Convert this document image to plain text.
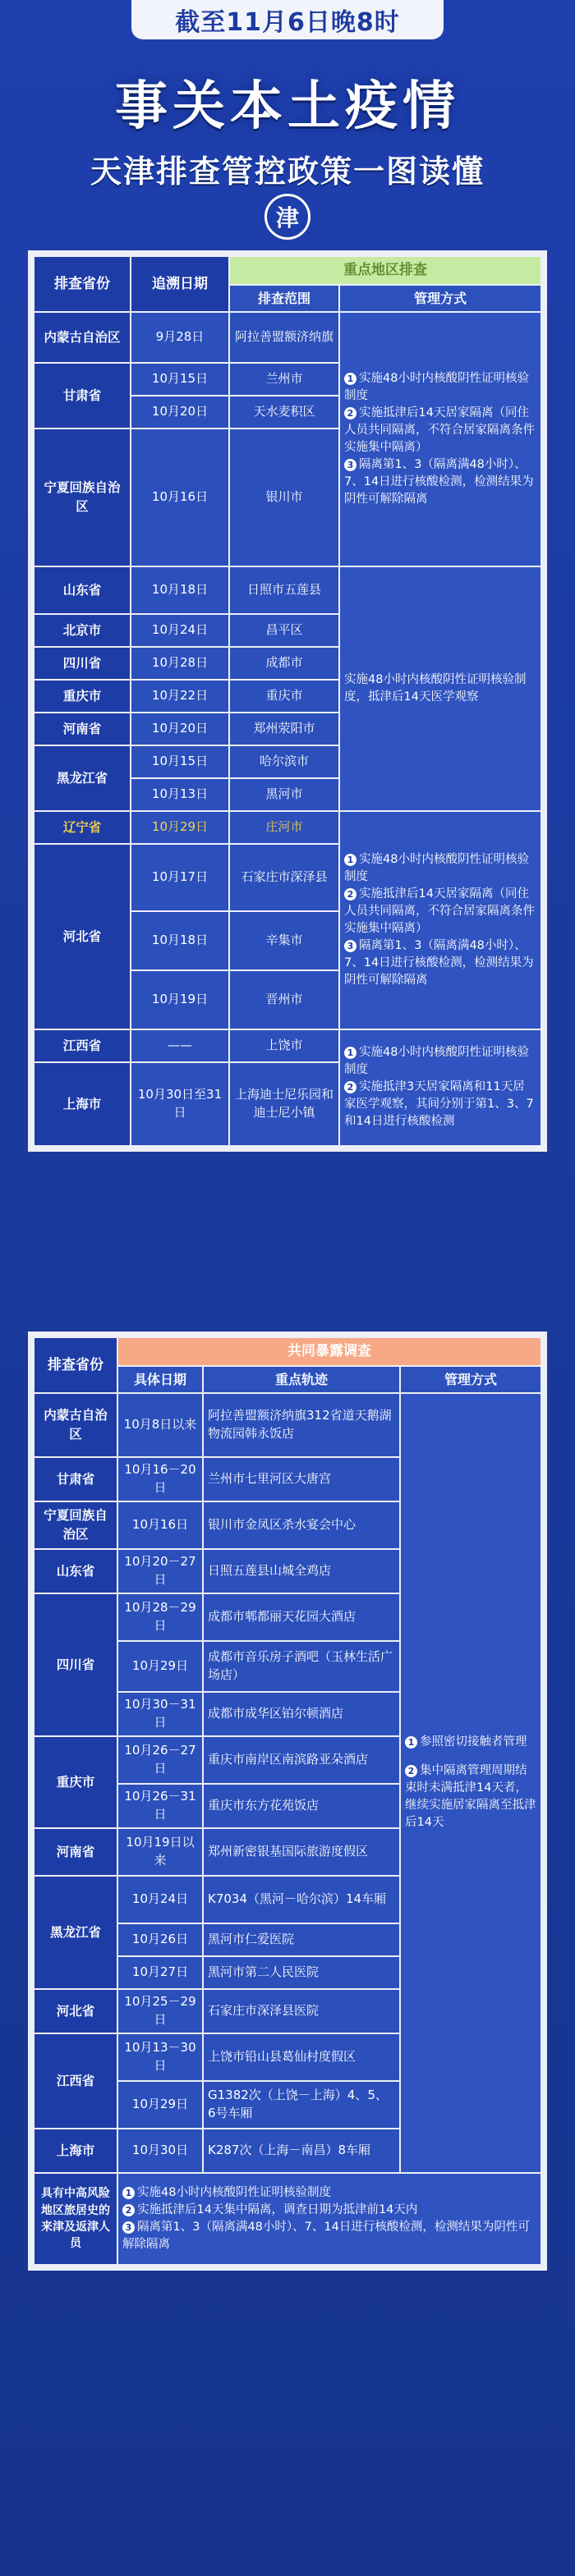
截至11月6日晚8时
事关本土疫情
天津排查管控政策一图读懂
津
排查省份	追溯日期	重点地区排查	
		排查范围	管理方式
内蒙古自治区	9月28日	阿拉善盟额济纳旗	1 实施48小时内核酸阴性证明核验制度
2 实施抵津后14天居家隔离（同住人员共同隔离，不符合居家隔离条件实施集中隔离）
3 隔离第1、3（隔离满48小时）、7、14日进行核酸检测，检测结果为阴性可解除隔离

甘肃省	10月15日	兰州市	
	10月20日	天水麦积区	
宁夏回族自治区	10月16日	银川市	
山东省	10月18日	日照市五莲县	实施48小时内核酸阴性证明核验制度，抵津后14天医学观察
北京市	10月24日	昌平区	
四川省	10月28日	成都市	
重庆市	10月22日	重庆市	
河南省	10月20日	郑州荥阳市	
黑龙江省	10月15日	哈尔滨市	
	10月13日	黑河市	
辽宁省	10月29日	庄河市	1 实施48小时内核酸阴性证明核验制度
2 实施抵津后14天居家隔离（同住人员共同隔离，不符合居家隔离条件实施集中隔离）
3 隔离第1、3（隔离满48小时）、7、14日进行核酸检测，检测结果为阴性可解除隔离

河北省	10月17日	石家庄市深泽县	
	10月18日	辛集市	
	10月19日	晋州市	
江西省	——	上饶市	1 实施48小时内核酸阴性证明核验制度
2 实施抵津3天居家隔离和11天居家医学观察，其间分别于第1、3、7和14日进行核酸检测

上海市	10月30日至31日	上海迪士尼乐园和迪士尼小镇	
排查省份	共同暴露调查		
	具体日期	重点轨迹	管理方式
内蒙古自治区	10月8日以来	阿拉善盟额济纳旗312省道天鹅湖物流园韩永饭店	1 参照密切接触者管理
2 集中隔离管理周期结束时未满抵津14天者，继续实施居家隔离至抵津后14天

甘肃省	10月16－20日	兰州市七里河区大唐宫	
宁夏回族自治区	10月16日	银川市金凤区杀水宴会中心	
山东省	10月20－27日	日照五莲县山城全鸡店	
四川省	10月28－29日	成都市郫都丽天花园大酒店	
	10月29日	成都市音乐房子酒吧（玉林生活广场店）	
	10月30－31日	成都市成华区铂尔顿酒店	
重庆市	10月26－27日	重庆市南岸区南滨路亚朵酒店	
	10月26－31日	重庆市东方花苑饭店	
河南省	10月19日以来	郑州新密银基国际旅游度假区	
黑龙江省	10月24日	K7034（黑河－哈尔滨）14车厢	
	10月26日	黑河市仁爱医院	
	10月27日	黑河市第二人民医院	
河北省	10月25－29日	石家庄市深泽县医院	
江西省	10月13－30日	上饶市铅山县葛仙村度假区	
	10月29日	G1382次（上饶－上海）4、5、6号车厢	
上海市	10月30日	K287次（上海－南昌）8车厢	
具有中高风险地区旅居史的来津及返津人员	1 实施48小时内核酸阴性证明核验制度
2 实施抵津后14天集中隔离，调查日期为抵津前14天内
3 隔离第1、3（隔离满48小时）、7、14日进行核酸检测，检测结果为阴性可解除隔离		
